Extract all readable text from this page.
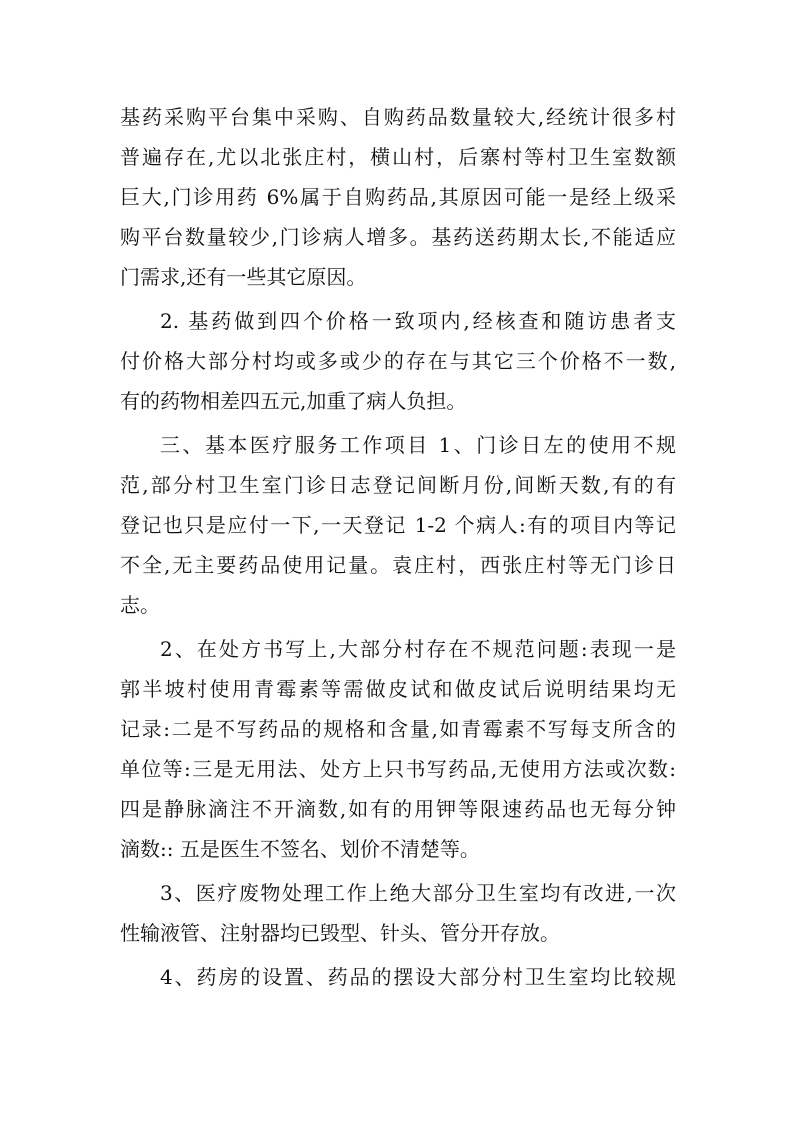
基药采购平台集中采购、自购药品数量较大,经统计很多村
普遍存在,尤以北张庄村，横山村，后寨村等村卫生室数额
巨大,门诊用药 6%属于自购药品,其原因可能一是经上级采
购平台数量较少,门诊病人增多。基药送药期太长,不能适应
门需求,还有一些其它原因。
2. 基药做到四个价格一致项内,经核查和随访患者支
付价格大部分村均或多或少的存在与其它三个价格不一数,
有的药物相差四五元,加重了病人负担。
三、基本医疗服务工作项目 1、门诊日左的使用不规
范,部分村卫生室门诊日志登记间断月份,间断天数,有的有
登记也只是应付一下,一天登记 1-2 个病人:有的项目内等记
不全,无主要药品使用记量。袁庄村，西张庄村等无门诊日
志。
2、在处方书写上,大部分村存在不规范问题:表现一是
郭半坡村使用青霉素等需做皮试和做皮试后说明结果均无
记录:二是不写药品的规格和含量,如青霉素不写每支所含的
单位等:三是无用法、处方上只书写药品,无使用方法或次数:
四是静脉滴注不开滴数,如有的用钾等限速药品也无每分钟
滴数:: 五是医生不签名、划价不清楚等。
3、医疗废物处理工作上绝大部分卫生室均有改进,一次
性输液管、注射器均已毁型、针头、管分开存放。
4、药房的设置、药品的摆设大部分村卫生室均比较规
